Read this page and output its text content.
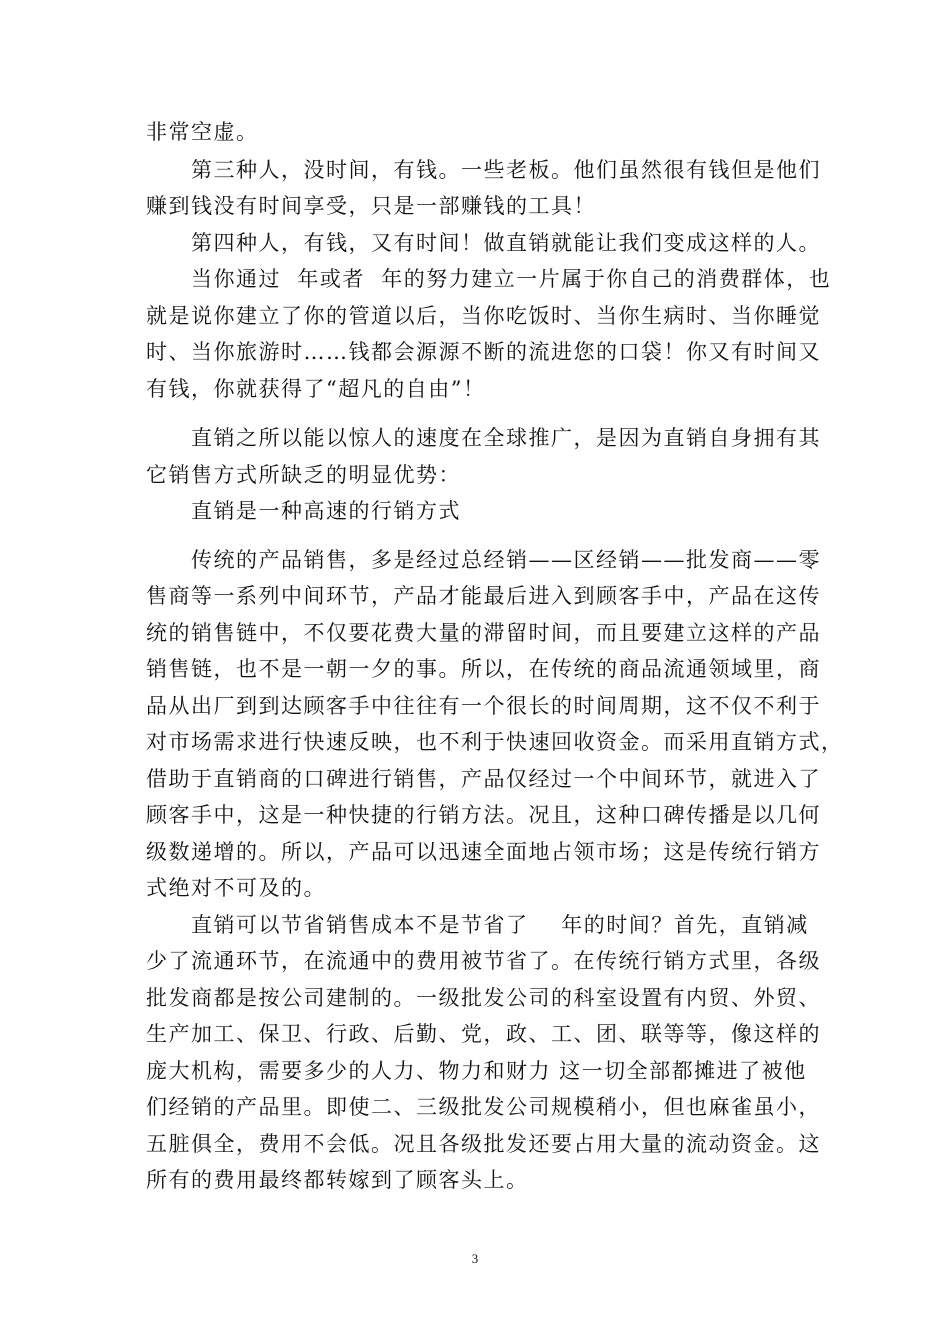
非常空虚。
　　第三种人，没时间，有钱。一些老板。他们虽然很有钱但是他们
赚到钱没有时间享受，只是一部赚钱的工具！
　　第四种人，有钱，又有时间！做直销就能让我们变成这样的人。
　　当你通过  年或者  年的努力建立一片属于你自己的消费群体，也
就是说你建立了你的管道以后，当你吃饭时、当你生病时、当你睡觉
时、当你旅游时……钱都会源源不断的流进您的口袋！你又有时间又
有钱，你就获得了“超凡的自由”！
　　直销之所以能以惊人的速度在全球推广，是因为直销自身拥有其
它销售方式所缺乏的明显优势：
　　直销是一种高速的行销方式
　　传统的产品销售，多是经过总经销——区经销——批发商——零
售商等一系列中间环节，产品才能最后进入到顾客手中，产品在这传
统的销售链中，不仅要花费大量的滞留时间，而且要建立这样的产品
销售链，也不是一朝一夕的事。所以，在传统的商品流通领域里，商
品从出厂到到达顾客手中往往有一个很长的时间周期，这不仅不利于
对市场需求进行快速反映，也不利于快速回收资金。而采用直销方式，
借助于直销商的口碑进行销售，产品仅经过一个中间环节，就进入了
顾客手中，这是一种快捷的行销方法。况且，这种口碑传播是以几何
级数递增的。所以，产品可以迅速全面地占领市场；这是传统行销方
式绝对不可及的。
　　直销可以节省销售成本不是节省了    年的时间？首先，直销减
少了流通环节，在流通中的费用被节省了。在传统行销方式里，各级
批发商都是按公司建制的。一级批发公司的科室设置有内贸、外贸、
生产加工、保卫、行政、后勤、党，政、工、团、联等等，像这样的
庞大机构，需要多少的人力、物力和财力 这一切全部都摊进了被他
们经销的产品里。即使二、三级批发公司规模稍小，但也麻雀虽小，
五脏俱全，费用不会低。况且各级批发还要占用大量的流动资金。这
所有的费用最终都转嫁到了顾客头上。
3
